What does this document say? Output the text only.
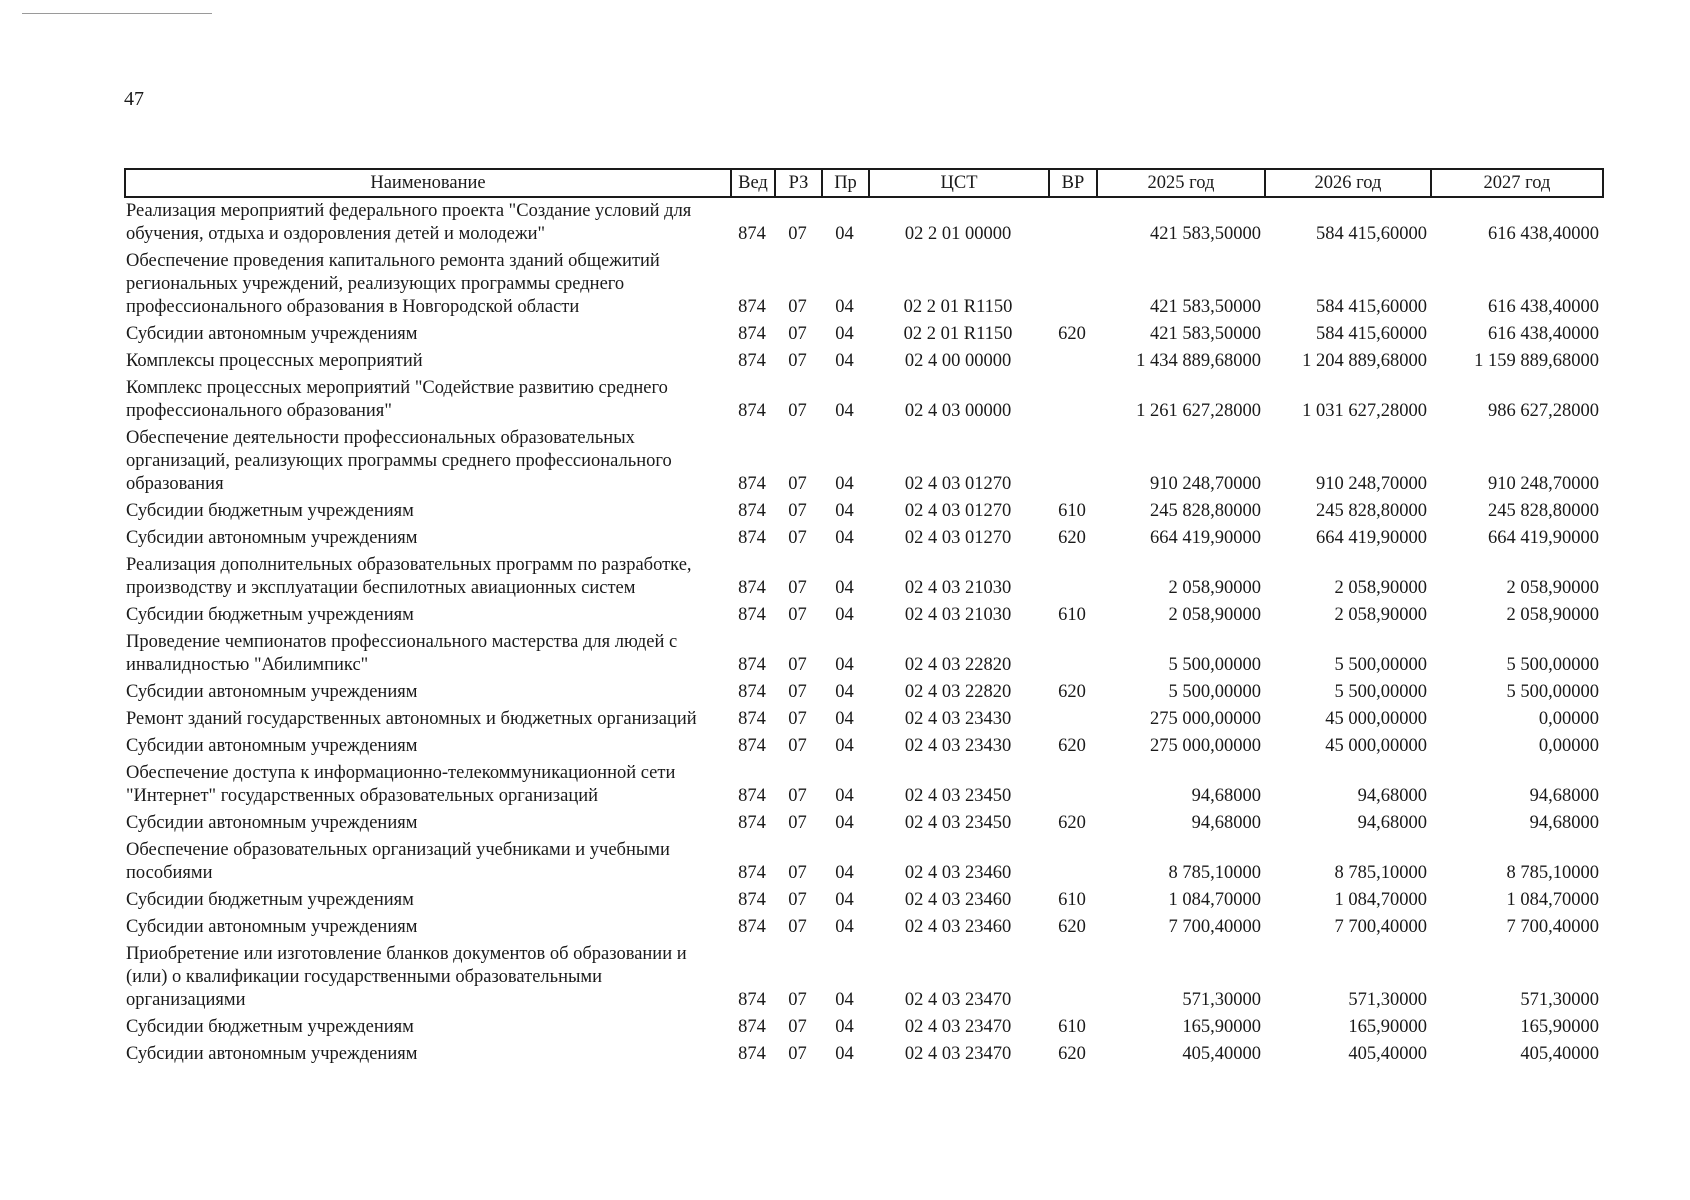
47
Наименование	Вед	РЗ	Пр	ЦСТ	ВР	2025 год	2026 год	2027 год
Реализация мероприятий федерального проекта "Создание условий для обучения, отдыха и оздоровления детей и молодежи"	874	07	04	02 2 01 00000		421 583,50000	584 415,60000	616 438,40000
Обеспечение проведения капитального ремонта зданий общежитий региональных учреждений, реализующих программы среднего профессионального образования в Новгородской области	874	07	04	02 2 01 R1150		421 583,50000	584 415,60000	616 438,40000
Субсидии автономным учреждениям	874	07	04	02 2 01 R1150	620	421 583,50000	584 415,60000	616 438,40000
Комплексы процессных мероприятий	874	07	04	02 4 00 00000		1 434 889,68000	1 204 889,68000	1 159 889,68000
Комплекс процессных мероприятий "Содействие развитию среднего профессионального образования"	874	07	04	02 4 03 00000		1 261 627,28000	1 031 627,28000	986 627,28000
Обеспечение деятельности профессиональных образовательных организаций, реализующих программы среднего профессионального образования	874	07	04	02 4 03 01270		910 248,70000	910 248,70000	910 248,70000
Субсидии бюджетным учреждениям	874	07	04	02 4 03 01270	610	245 828,80000	245 828,80000	245 828,80000
Субсидии автономным учреждениям	874	07	04	02 4 03 01270	620	664 419,90000	664 419,90000	664 419,90000
Реализация дополнительных образовательных программ по разработке, производству и эксплуатации беспилотных авиационных систем	874	07	04	02 4 03 21030		2 058,90000	2 058,90000	2 058,90000
Субсидии бюджетным учреждениям	874	07	04	02 4 03 21030	610	2 058,90000	2 058,90000	2 058,90000
Проведение чемпионатов профессионального мастерства для людей с инвалидностью "Абилимпикс"	874	07	04	02 4 03 22820		5 500,00000	5 500,00000	5 500,00000
Субсидии автономным учреждениям	874	07	04	02 4 03 22820	620	5 500,00000	5 500,00000	5 500,00000
Ремонт зданий государственных автономных и бюджетных организаций	874	07	04	02 4 03 23430		275 000,00000	45 000,00000	0,00000
Субсидии автономным учреждениям	874	07	04	02 4 03 23430	620	275 000,00000	45 000,00000	0,00000
Обеспечение доступа к информационно-телекоммуникационной сети "Интернет" государственных образовательных организаций	874	07	04	02 4 03 23450		94,68000	94,68000	94,68000
Субсидии автономным учреждениям	874	07	04	02 4 03 23450	620	94,68000	94,68000	94,68000
Обеспечение образовательных организаций учебниками и учебными пособиями	874	07	04	02 4 03 23460		8 785,10000	8 785,10000	8 785,10000
Субсидии бюджетным учреждениям	874	07	04	02 4 03 23460	610	1 084,70000	1 084,70000	1 084,70000
Субсидии автономным учреждениям	874	07	04	02 4 03 23460	620	7 700,40000	7 700,40000	7 700,40000
Приобретение или изготовление бланков документов об образовании и (или) о квалификации государственными образовательными организациями	874	07	04	02 4 03 23470		571,30000	571,30000	571,30000
Субсидии бюджетным учреждениям	874	07	04	02 4 03 23470	610	165,90000	165,90000	165,90000
Субсидии автономным учреждениям	874	07	04	02 4 03 23470	620	405,40000	405,40000	405,40000
